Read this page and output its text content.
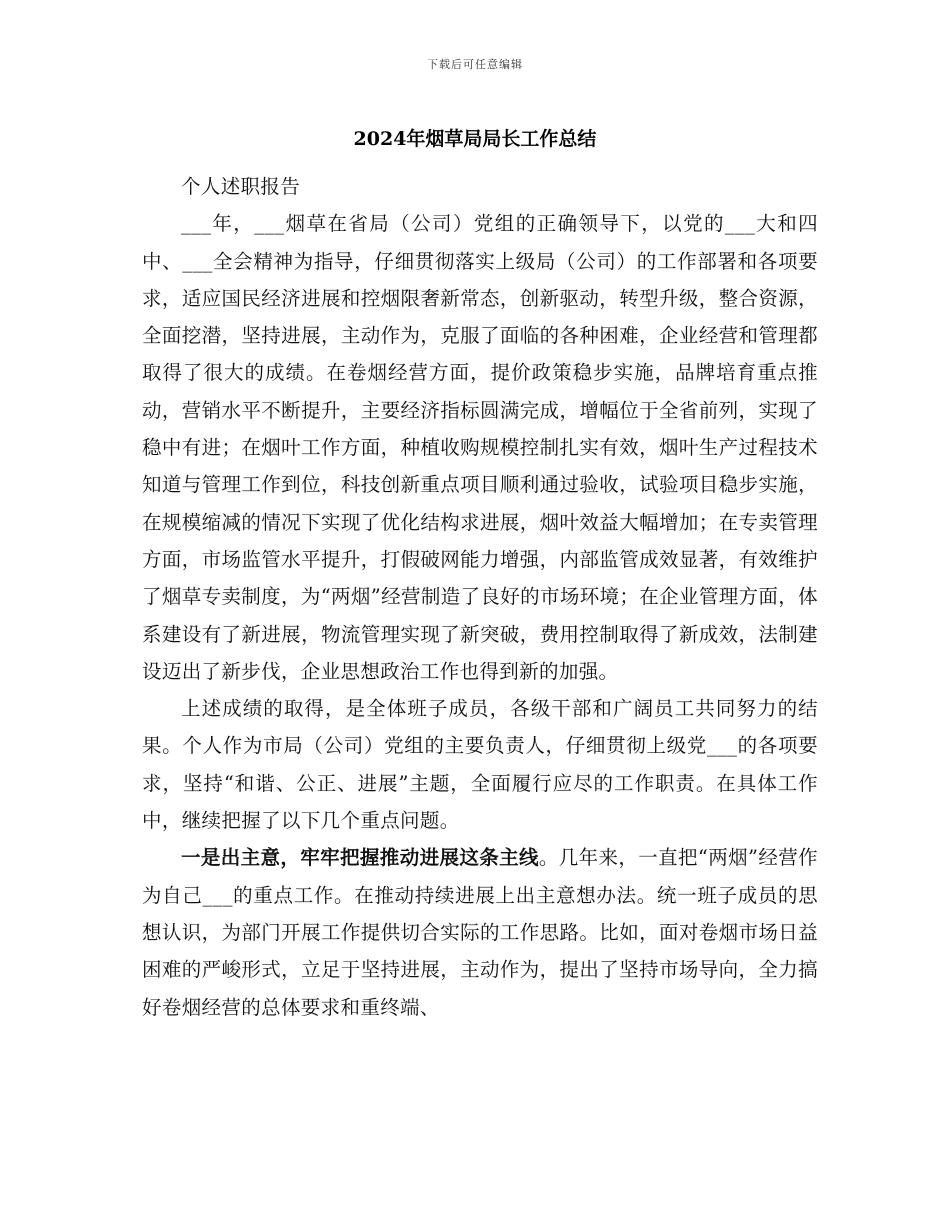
下载后可任意编辑
2024年烟草局局长工作总结

个人述职报告

___年，___烟草在省局（公司）党组的正确领导下，以党的___大和四中、___全会精神为指导，仔细贯彻落实上级局（公司）的工作部署和各项要求，适应国民经济进展和控烟限奢新常态，创新驱动，转型升级，整合资源，全面挖潜，坚持进展，主动作为，克服了面临的各种困难，企业经营和管理都取得了很大的成绩。在卷烟经营方面，提价政策稳步实施，品牌培育重点推动，营销水平不断提升，主要经济指标圆满完成，增幅位于全省前列，实现了稳中有进；在烟叶工作方面，种植收购规模控制扎实有效，烟叶生产过程技术知道与管理工作到位，科技创新重点项目顺利通过验收，试验项目稳步实施，在规模缩减的情况下实现了优化结构求进展，烟叶效益大幅增加；在专卖管理方面，市场监管水平提升，打假破网能力增强，内部监管成效显著，有效维护了烟草专卖制度，为“两烟”经营制造了良好的市场环境；在企业管理方面，体系建设有了新进展，物流管理实现了新突破，费用控制取得了新成效，法制建设迈出了新步伐，企业思想政治工作也得到新的加强。

上述成绩的取得，是全体班子成员，各级干部和广阔员工共同努力的结果。个人作为市局（公司）党组的主要负责人，仔细贯彻上级党___的各项要求，坚持“和谐、公正、进展”主题，全面履行应尽的工作职责。在具体工作中，继续把握了以下几个重点问题。

一是出主意，牢牢把握推动进展这条主线。几年来，一直把“两烟”经营作为自己___的重点工作。在推动持续进展上出主意想办法。统一班子成员的思想认识，为部门开展工作提供切合实际的工作思路。比如，面对卷烟市场日益困难的严峻形式，立足于坚持进展，主动作为，提出了坚持市场导向，全力搞好卷烟经营的总体要求和重终端、
